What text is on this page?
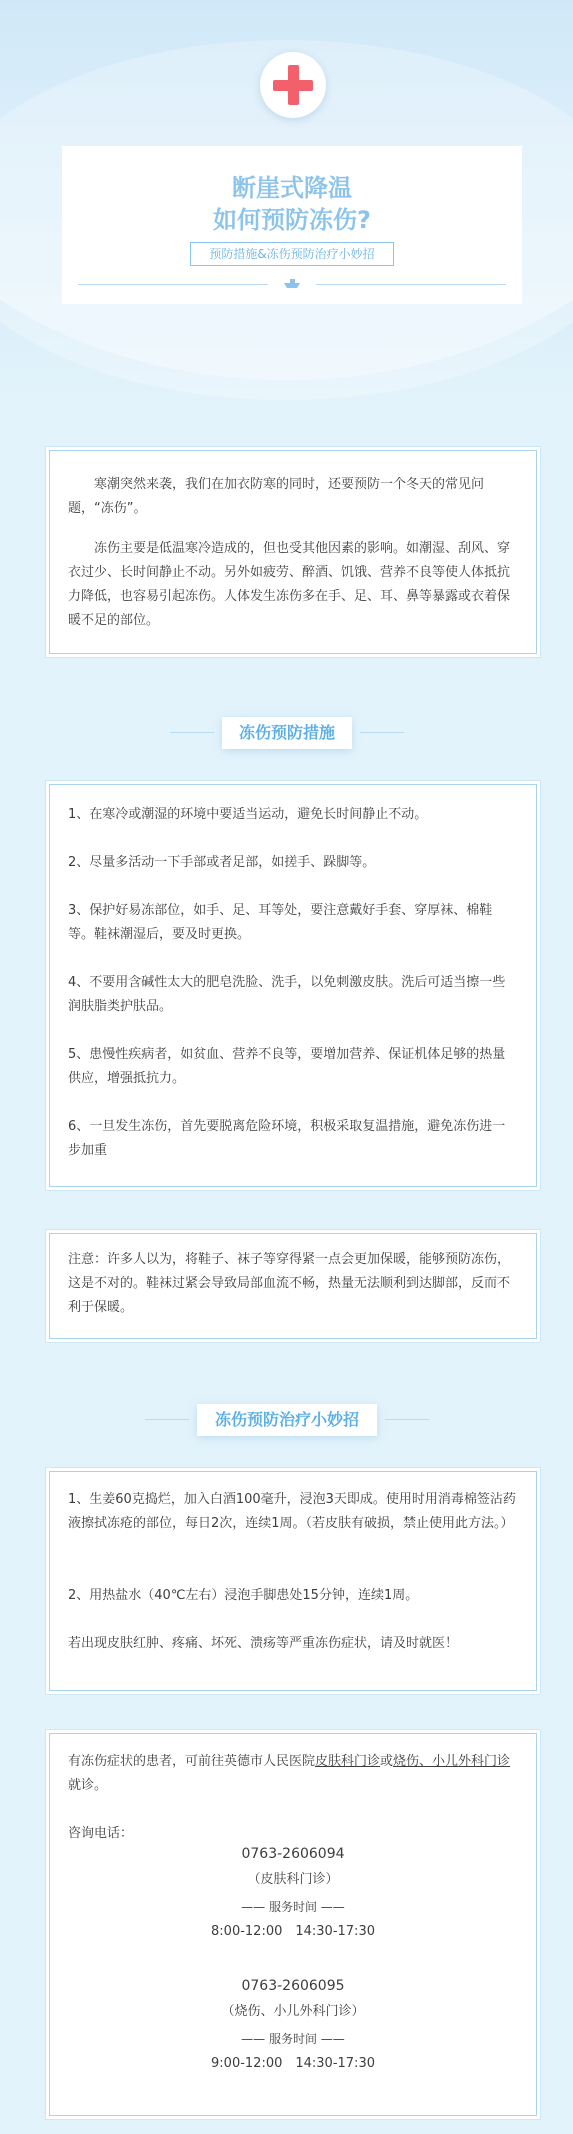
断崖式降温
如何预防冻伤?
预防措施&冻伤预防治疗小妙招

寒潮突然来袭，我们在加衣防寒的同时，还要预防一个冬天的常见问题，“冻伤”。

冻伤主要是低温寒冷造成的，但也受其他因素的影响。如潮湿、刮风、穿衣过少、长时间静止不动。另外如疲劳、醉酒、饥饿、营养不良等使人体抵抗力降低，也容易引起冻伤。人体发生冻伤多在手、足、耳、鼻等暴露或衣着保暖不足的部位。

冻伤预防措施

1、在寒冷或潮湿的环境中要适当运动，避免长时间静止不动。

2、尽量多活动一下手部或者足部，如搓手、跺脚等。

3、保护好易冻部位，如手、足、耳等处，要注意戴好手套、穿厚袜、棉鞋等。鞋袜潮湿后，要及时更换。

4、不要用含碱性太大的肥皂洗脸、洗手，以免刺激皮肤。洗后可适当擦一些润肤脂类护肤品。

5、患慢性疾病者，如贫血、营养不良等，要增加营养、保证机体足够的热量供应，增强抵抗力。

6、一旦发生冻伤，首先要脱离危险环境，积极采取复温措施，避免冻伤进一步加重

注意：许多人以为，将鞋子、袜子等穿得紧一点会更加保暖，能够预防冻伤，这是不对的。鞋袜过紧会导致局部血流不畅，热量无法顺利到达脚部，反而不利于保暖。

冻伤预防治疗小妙招

1、生姜60克捣烂，加入白酒100毫升，浸泡3天即成。使用时用消毒棉签沾药液擦拭冻疮的部位，每日2次，连续1周。（若皮肤有破损，禁止使用此方法。）

2、用热盐水（40℃左右）浸泡手脚患处15分钟，连续1周。

若出现皮肤红肿、疼痛、坏死、溃疡等严重冻伤症状，请及时就医！

有冻伤症状的患者，可前往英德市人民医院皮肤科门诊或烧伤、小儿外科门诊就诊。

咨询电话：

0763-2606094
（皮肤科门诊）
—— 服务时间 ——
8:00-12:00　14:30-17:30
0763-2606095
（烧伤、小儿外科门诊）
—— 服务时间 ——
9:00-12:00　14:30-17:30
